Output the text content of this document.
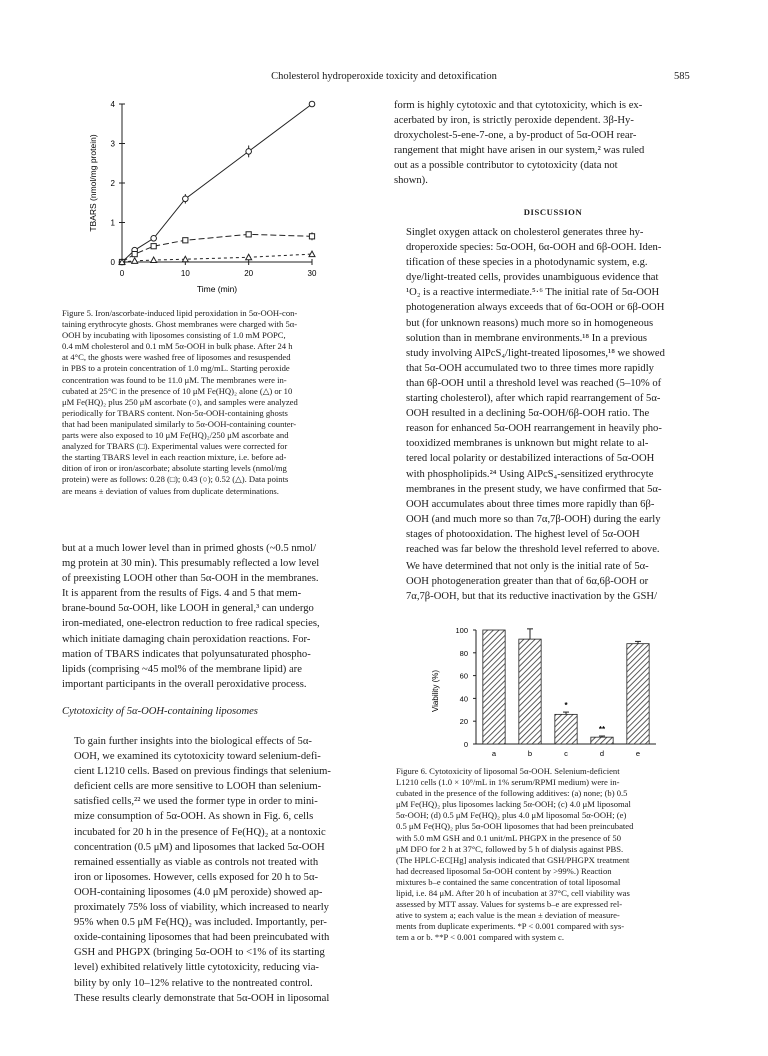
Cholesterol hydroperoxide toxicity and detoxification	585
0
1
2
3
4
0	10	20	30
Time (min)
TBARS (nmol/mg protein)
Figure 5. Iron/ascorbate-induced lipid peroxidation in 5α-OOH-con-
taining erythrocyte ghosts. Ghost membranes were charged with 5α-
OOH by incubating with liposomes consisting of 1.0 mM POPC,
0.4 mM cholesterol and 0.1 mM 5α-OOH in bulk phase. After 24 h
at 4°C, the ghosts were washed free of liposomes and resuspended
in PBS to a protein concentration of 1.0 mg/mL. Starting peroxide
concentration was found to be 11.0 μM. The membranes were in-
cubated at 25°C in the presence of 10 μM Fe(HQ)₂ alone (△) or 10
μM Fe(HQ)₂ plus 250 μM ascorbate (○), and samples were analyzed
periodically for TBARS content. Non-5α-OOH-containing ghosts
that had been manipulated similarly to 5α-OOH-containing counter-
parts were also exposed to 10 μM Fe(HQ)₂/250 μM ascorbate and
analyzed for TBARS (□). Experimental values were corrected for
the starting TBARS level in each reaction mixture, i.e. before ad-
dition of iron or iron/ascorbate; absolute starting levels (nmol/mg
protein) were as follows: 0.28 (□); 0.43 (○); 0.52 (△). Data points
are means ± deviation of values from duplicate determinations.
but at a much lower level than in primed ghosts (~0.5 nmol/
mg protein at 30 min). This presumably reflected a low level
of preexisting LOOH other than 5α-OOH in the membranes.
It is apparent from the results of Figs. 4 and 5 that mem-
brane-bound 5α-OOH, like LOOH in general,³ can undergo
iron-mediated, one-electron reduction to free radical species,
which initiate damaging chain peroxidation reactions. For-
mation of TBARS indicates that polyunsaturated phospho-
lipids (comprising ~45 mol% of the membrane lipid) are
important participants in the overall peroxidative process.
Cytotoxicity of 5α-OOH-containing liposomes
To gain further insights into the biological effects of 5α-
OOH, we examined its cytotoxicity toward selenium-defi-
cient L1210 cells. Based on previous findings that selenium-
deficient cells are more sensitive to LOOH than selenium-
satisfied cells,²² we used the former type in order to mini-
mize consumption of 5α-OOH. As shown in Fig. 6, cells
incubated for 20 h in the presence of Fe(HQ)₂ at a nontoxic
concentration (0.5 μM) and liposomes that lacked 5α-OOH
remained essentially as viable as controls not treated with
iron or liposomes. However, cells exposed for 20 h to 5α-
OOH-containing liposomes (4.0 μM peroxide) showed ap-
proximately 75% loss of viability, which increased to nearly
95% when 0.5 μM Fe(HQ)₂ was included. Importantly, per-
oxide-containing liposomes that had been preincubated with
GSH and PHGPX (bringing 5α-OOH to <1% of its starting
level) exhibited relatively little cytotoxicity, reducing via-
bility by only 10–12% relative to the nontreated control.
These results clearly demonstrate that 5α-OOH in liposomal
form is highly cytotoxic and that cytotoxicity, which is ex-
acerbated by iron, is strictly peroxide dependent. 3β-Hy-
droxycholest-5-ene-7-one, a by-product of 5α-OOH rear-
rangement that might have arisen in our system,² was ruled
out as a possible contributor to cytotoxicity (data not
shown).
DISCUSSION
Singlet oxygen attack on cholesterol generates three hy-
droperoxide species: 5α-OOH, 6α-OOH and 6β-OOH. Iden-
tification of these species in a photodynamic system, e.g.
dye/light-treated cells, provides unambiguous evidence that
¹O₂ is a reactive intermediate.⁵·⁶ The initial rate of 5α-OOH
photogeneration always exceeds that of 6α-OOH or 6β-OOH
but (for unknown reasons) much more so in homogeneous
solution than in membrane environments.¹⁸ In a previous
study involving AlPcS₄/light-treated liposomes,¹⁸ we showed
that 5α-OOH accumulated two to three times more rapidly
than 6β-OOH until a threshold level was reached (5–10% of
starting cholesterol), after which rapid rearrangement of 5α-
OOH resulted in a declining 5α-OOH/6β-OOH ratio. The
reason for enhanced 5α-OOH rearrangement in heavily pho-
tooxidized membranes is unknown but might relate to al-
tered local polarity or destabilized interactions of 5α-OOH
with phospholipids.²⁴ Using AlPcS₄-sensitized erythrocyte
membranes in the present study, we have confirmed that 5α-
OOH accumulates about three times more rapidly than 6β-
OOH (and much more so than 7α,7β-OOH) during the early
stages of photooxidation. The highest level of 5α-OOH
reached was far below the threshold level referred to above.
We have determined that not only is the initial rate of 5α-
OOH photogeneration greater than that of 6α,6β-OOH or
7α,7β-OOH, but that its reductive inactivation by the GSH/
0
20
40
60
80
100
Viability (%)
a	b	c
*
d
**
e
Figure 6. Cytotoxicity of liposomal 5α-OOH. Selenium-deficient
L1210 cells (1.0 × 10⁶/mL in 1% serum/RPMI medium) were in-
cubated in the presence of the following additives: (a) none; (b) 0.5
μM Fe(HQ)₂ plus liposomes lacking 5α-OOH; (c) 4.0 μM liposomal
5α-OOH; (d) 0.5 μM Fe(HQ)₂ plus 4.0 μM liposomal 5α-OOH; (e)
0.5 μM Fe(HQ)₂ plus 5α-OOH liposomes that had been preincubated
with 5.0 mM GSH and 0.1 unit/mL PHGPX in the presence of 50
μM DFO for 2 h at 37°C, followed by 5 h of dialysis against PBS.
(The HPLC-EC[Hg] analysis indicated that GSH/PHGPX treatment
had decreased liposomal 5α-OOH content by >99%.) Reaction
mixtures b–e contained the same concentration of total liposomal
lipid, i.e. 84 μM. After 20 h of incubation at 37°C, cell viability was
assessed by MTT assay. Values for systems b–e are expressed rel-
ative to system a; each value is the mean ± deviation of measure-
ments from duplicate experiments. *P < 0.001 compared with sys-
tem a or b. **P < 0.001 compared with system c.
